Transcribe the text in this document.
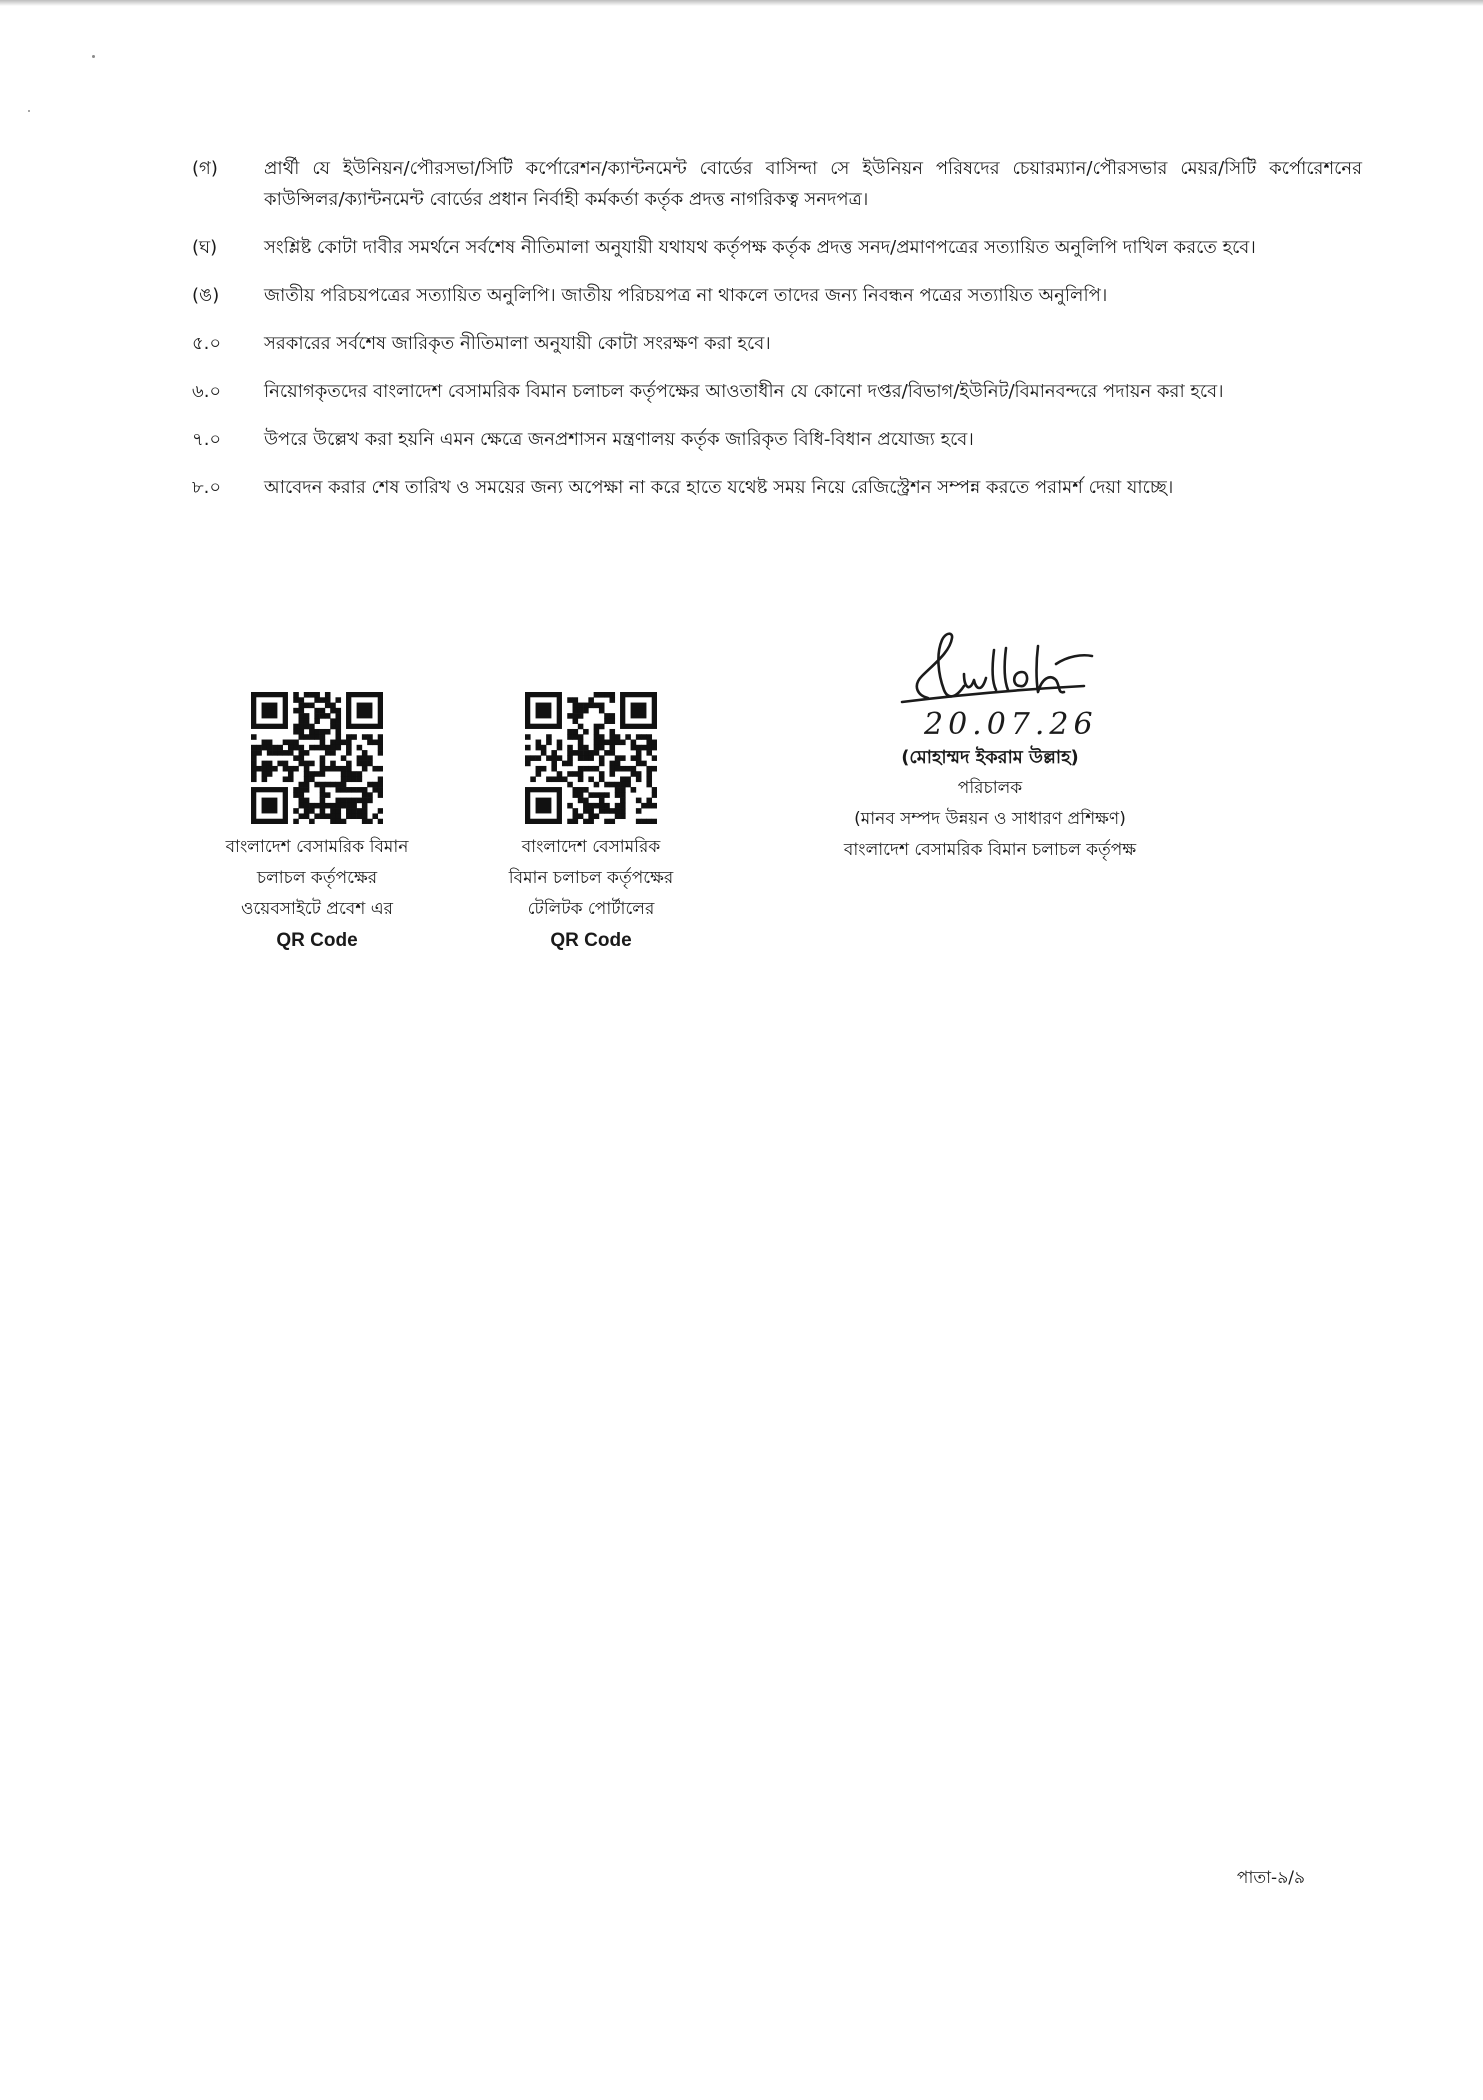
(গ)	প্রার্থী যে ইউনিয়ন/পৌরসভা/সিটি কর্পোরেশন/ক্যান্টনমেন্ট বোর্ডের বাসিন্দা সে ইউনিয়ন পরিষদের চেয়ারম্যান/পৌরসভার মেয়র/সিটি কর্পোরেশনের কাউন্সিলর/ক্যান্টনমেন্ট বোর্ডের প্রধান নির্বাহী কর্মকর্তা কর্তৃক প্রদত্ত নাগরিকত্ব সনদপত্র।
(ঘ)	সংশ্লিষ্ট কোটা দাবীর সমর্থনে সর্বশেষ নীতিমালা অনুযায়ী যথাযথ কর্তৃপক্ষ কর্তৃক প্রদত্ত সনদ/প্রমাণপত্রের সত্যায়িত অনুলিপি দাখিল করতে হবে।
(ঙ)	জাতীয় পরিচয়পত্রের সত্যায়িত অনুলিপি। জাতীয় পরিচয়পত্র না থাকলে তাদের জন্য নিবন্ধন পত্রের সত্যায়িত অনুলিপি।
৫.০	সরকারের সর্বশেষ জারিকৃত নীতিমালা অনুযায়ী কোটা সংরক্ষণ করা হবে।
৬.০	নিয়োগকৃতদের বাংলাদেশ বেসামরিক বিমান চলাচল কর্তৃপক্ষের আওতাধীন যে কোনো দপ্তর/বিভাগ/ইউনিট/বিমানবন্দরে পদায়ন করা হবে।
৭.০	উপরে উল্লেখ করা হয়নি এমন ক্ষেত্রে জনপ্রশাসন মন্ত্রণালয় কর্তৃক জারিকৃত বিধি-বিধান প্রযোজ্য হবে।
৮.০	আবেদন করার শেষ তারিখ ও সময়ের জন্য অপেক্ষা না করে হাতে যথেষ্ট সময় নিয়ে রেজিস্ট্রেশন সম্পন্ন করতে পরামর্শ দেয়া যাচ্ছে।
বাংলাদেশ বেসামরিক বিমান
চলাচল কর্তৃপক্ষের
ওয়েবসাইটে প্রবেশ এর
QR Code
বাংলাদেশ বেসামরিক
বিমান চলাচল কর্তৃপক্ষের
টেলিটক পোর্টালের
QR Code
20.07.26
(মোহাম্মদ ইকরাম উল্লাহ)
পরিচালক
(মানব সম্পদ উন্নয়ন ও সাধারণ প্রশিক্ষণ)
বাংলাদেশ বেসামরিক বিমান চলাচল কর্তৃপক্ষ
পাতা-৯/৯
